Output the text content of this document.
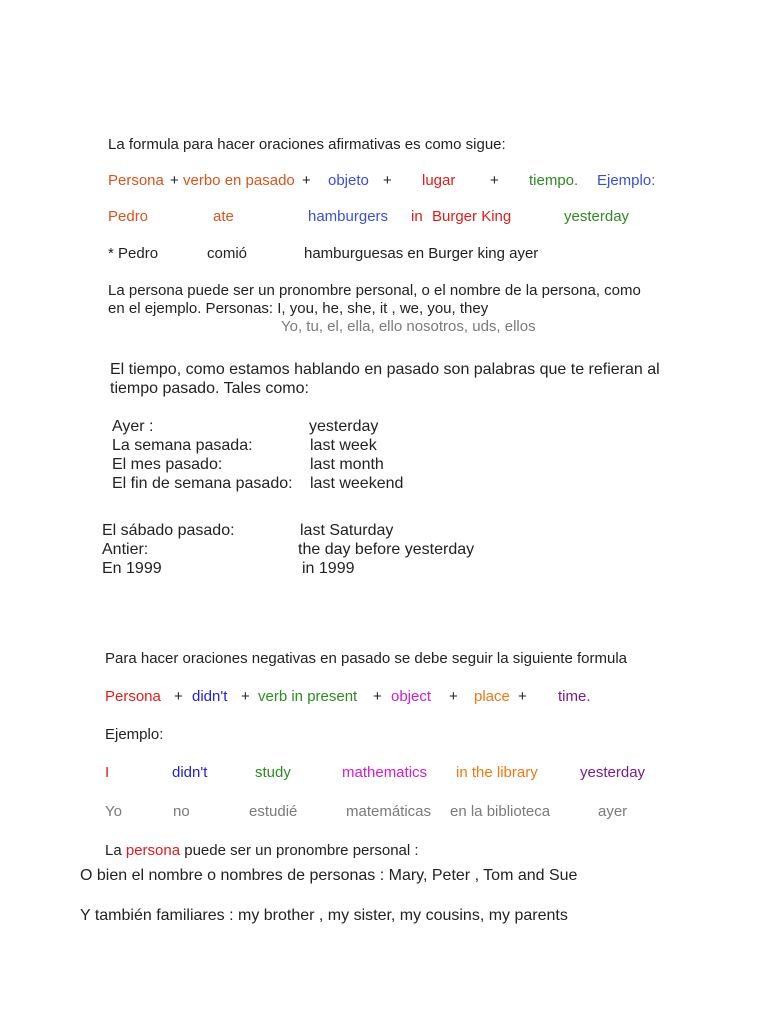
La formula para hacer oraciones afirmativas es como sigue:
Persona + verbo en pasado + objeto + lugar + tiempo. Ejemplo:
Pedro	ate	hamburgers in Burger King	yesterday
* Pedro	comió	hamburguesas en Burger king ayer
La persona puede ser un pronombre personal, o el nombre de la persona, como
en el ejemplo. Personas: I, you, he, she, it , we, you, they
Yo, tu, el, ella, ello nosotros, uds, ellos
El tiempo, como estamos hablando en pasado son palabras que te refieran al
tiempo pasado. Tales como:
Ayer :	yesterday
La semana pasada:	last week
El mes pasado:	last month
El fin de semana pasado: last weekend
El sábado pasado:	last Saturday
Antier:	the day before yesterday
En 1999	in 1999
Para hacer oraciones negativas en pasado se debe seguir la siguiente formula
Persona + didn't + verb in present + object + place + time.
Ejemplo:
I	didn't	study	mathematics in the library	yesterday
Yo	no	estudié	matemáticas en la biblioteca	ayer
La persona puede ser un pronombre personal :
O bien el nombre o nombres de personas : Mary, Peter , Tom and Sue
Y también familiares : my brother , my sister, my cousins, my parents
